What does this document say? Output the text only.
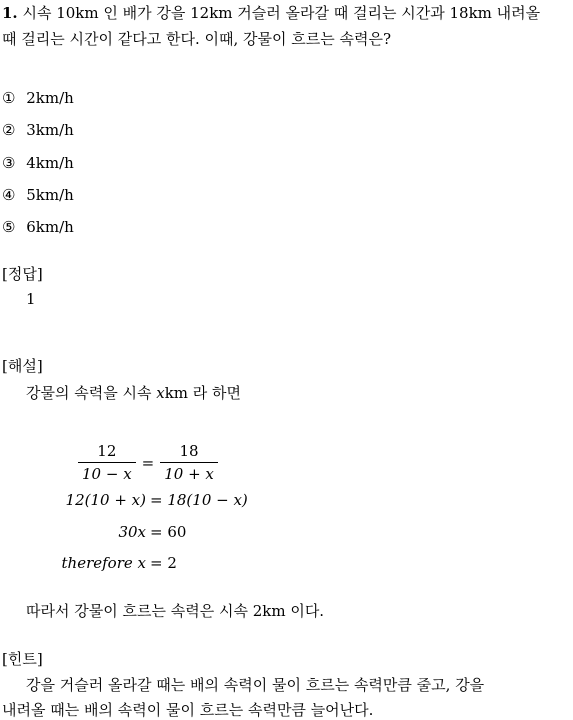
1. 시속 10km 인 배가 강을 12km 거슬러 올라갈 때 걸리는 시간과 18km 내려올
때 걸리는 시간이 같다고 한다. 이때, 강물이 흐르는 속력은?
① 2km/h
② 3km/h
③ 4km/h
④ 5km/h
⑤ 6km/h
[정답]
1
[해설]
강물의 속력을 시속 xkm 라 하면
$\frac{12}{10 - x} = \frac{18}{10 + x}$
12(10 + x) = 18(10 − x)
30x = 60
therefore x = 2
따라서 강물이 흐르는 속력은 시속 2km 이다.
[힌트]
강을 거슬러 올라갈 때는 배의 속력이 물이 흐르는 속력만큼 줄고, 강을
내려올 때는 배의 속력이 물이 흐르는 속력만큼 늘어난다.
